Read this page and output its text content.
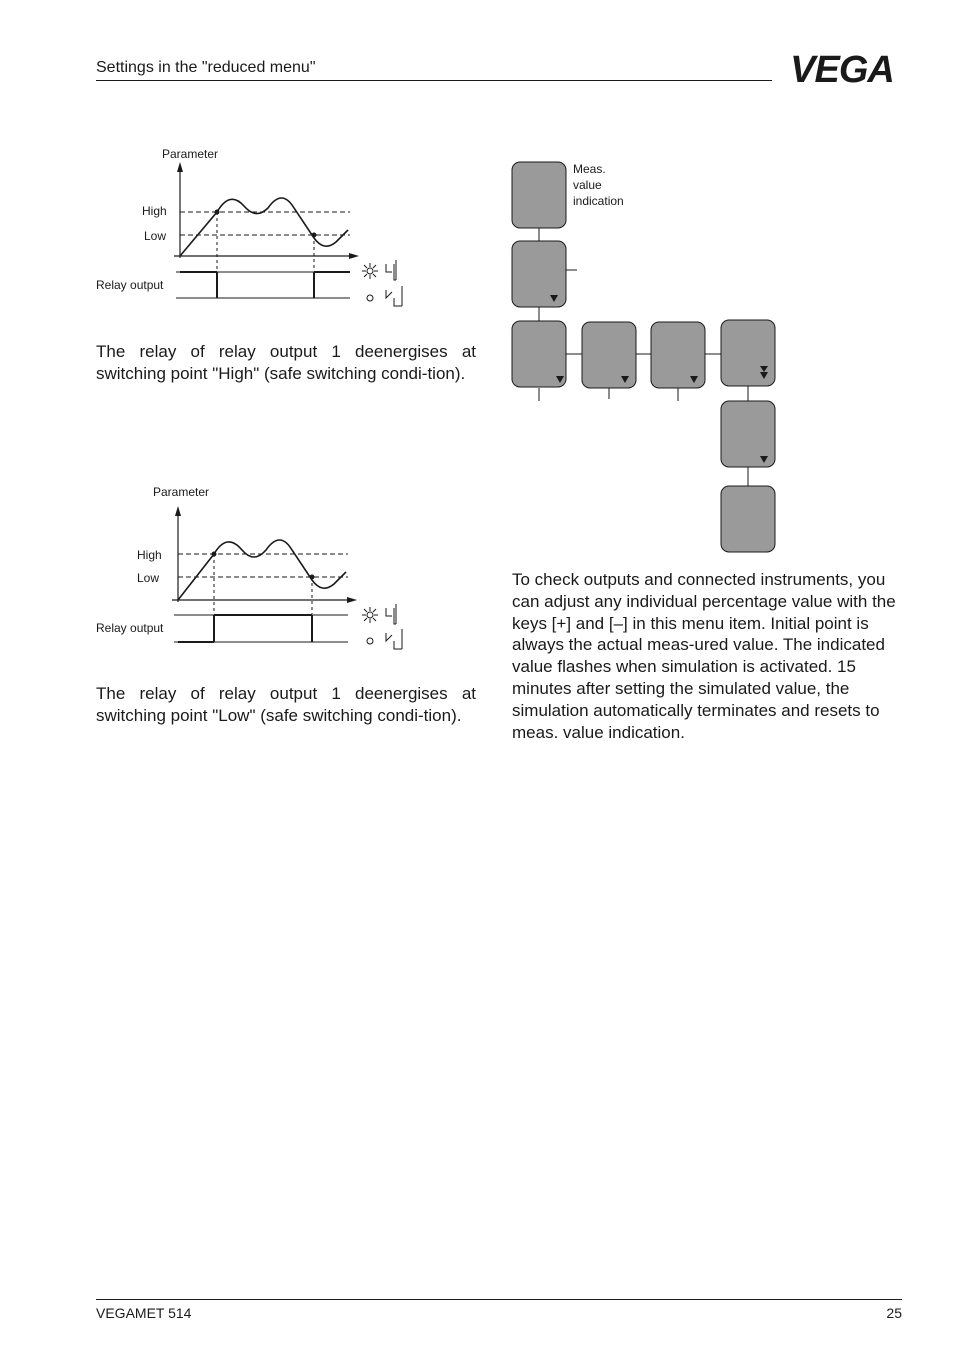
Settings in the "reduced menu"	VEGA
Parameter
High
Low
Relay output
The relay of relay output 1 deenergises at switching point "High" (safe switching condi-tion).
Parameter
High
Low
Relay output
The relay of relay output 1 deenergises at switching point "Low" (safe switching condi-tion).
Meas.
value
indication
To check outputs and connected instruments, you can adjust any individual percentage value with the keys [+] and [–] in this menu item. Initial point is always the actual meas-ured value. The indicated value flashes when simulation is activated. 15 minutes after setting the simulated value, the simulation automatically terminates and resets to meas. value indication.
VEGAMET 514	25
